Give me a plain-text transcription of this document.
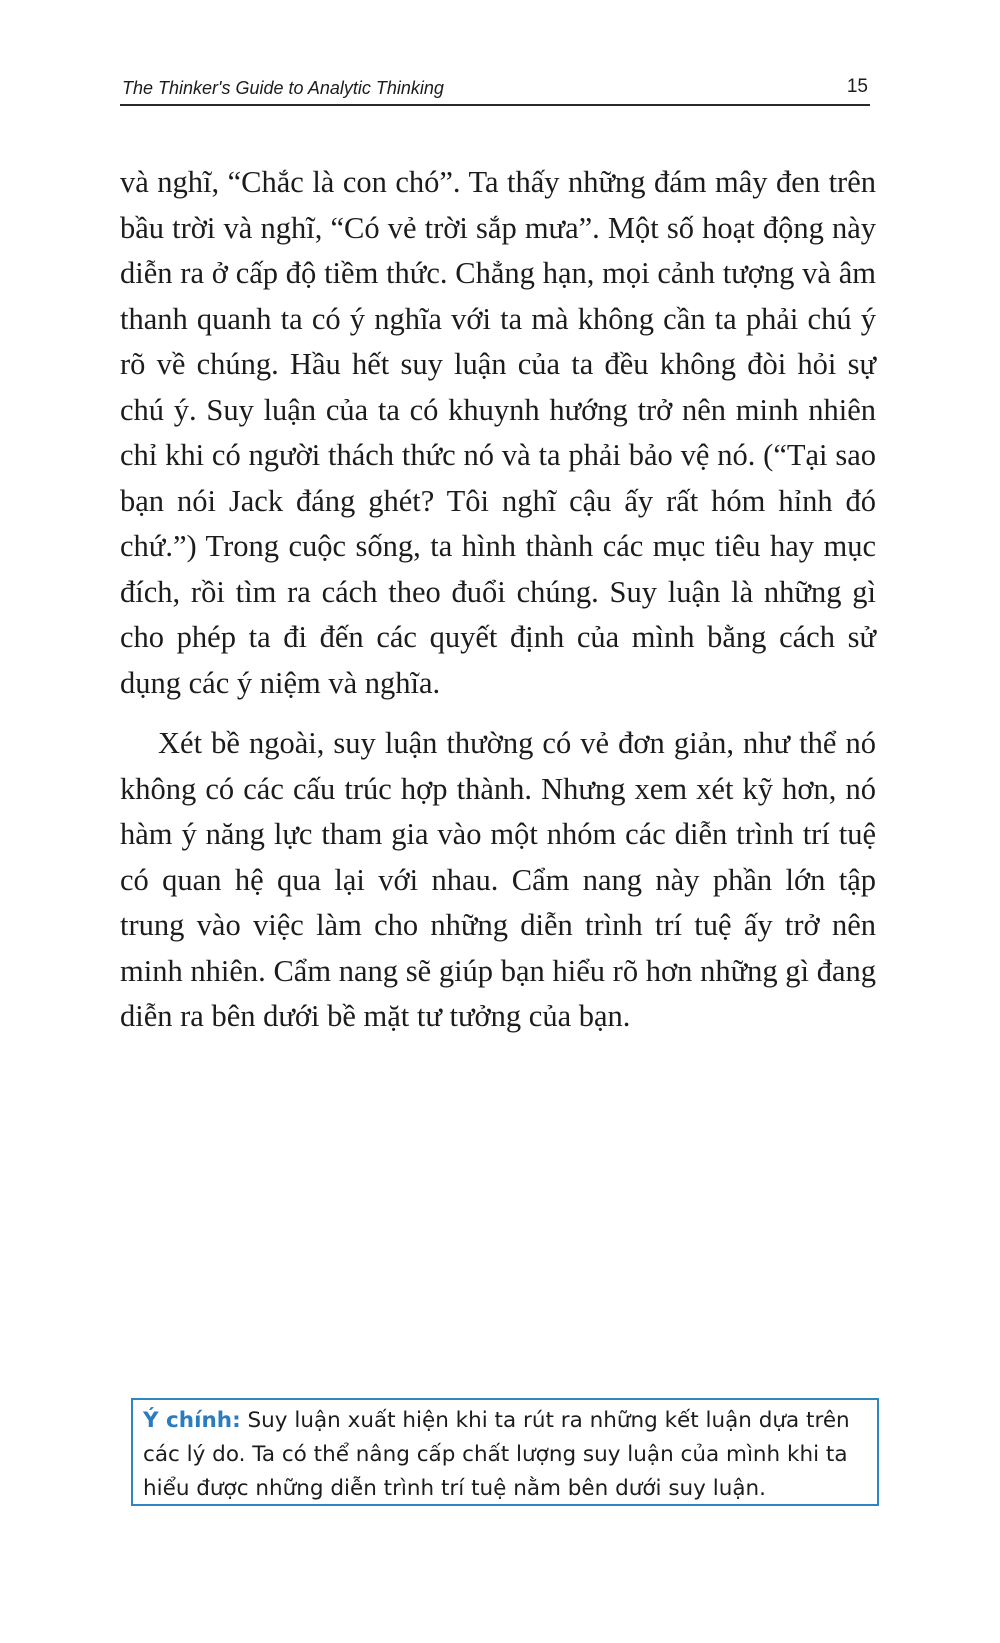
The Thinker's Guide to Analytic Thinking	15

và nghĩ, “Chắc là con chó”. Ta thấy những đám mây đen trên bầu trời và nghĩ, “Có vẻ trời sắp mưa”. Một số hoạt động này diễn ra ở cấp độ tiềm thức. Chẳng hạn, mọi cảnh tượng và âm thanh quanh ta có ý nghĩa với ta mà không cần ta phải chú ý rõ về chúng. Hầu hết suy luận của ta đều không đòi hỏi sự chú ý. Suy luận của ta có khuynh hướng trở nên minh nhiên chỉ khi có người thách thức nó và ta phải bảo vệ nó. (“Tại sao bạn nói Jack đáng ghét? Tôi nghĩ cậu ấy rất hóm hỉnh đó chứ.”) Trong cuộc sống, ta hình thành các mục tiêu hay mục đích, rồi tìm ra cách theo đuổi chúng. Suy luận là những gì cho phép ta đi đến các quyết định của mình bằng cách sử dụng các ý niệm và nghĩa.

Xét bề ngoài, suy luận thường có vẻ đơn giản, như thể nó không có các cấu trúc hợp thành. Nhưng xem xét kỹ hơn, nó hàm ý năng lực tham gia vào một nhóm các diễn trình trí tuệ có quan hệ qua lại với nhau. Cẩm nang này phần lớn tập trung vào việc làm cho những diễn trình trí tuệ ấy trở nên minh nhiên. Cẩm nang sẽ giúp bạn hiểu rõ hơn những gì đang diễn ra bên dưới bề mặt tư tưởng của bạn.

Ý chính: Suy luận xuất hiện khi ta rút ra những kết luận dựa trên các lý do. Ta có thể nâng cấp chất lượng suy luận của mình khi ta hiểu được những diễn trình trí tuệ nằm bên dưới suy luận.
